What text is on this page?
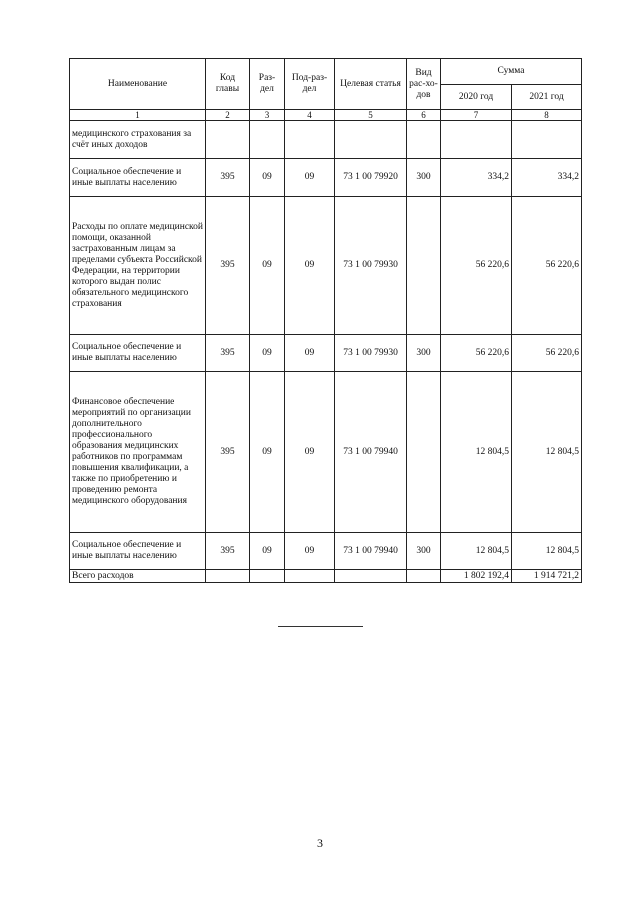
Наименование	Код главы	Раз-дел	Под-раз-дел	Целевая статья	Вид рас-хо-дов	Сумма	
						2020 год	2021 год
1	2	3	4	5	6	7	8
медицинского страхования за счёт иных доходов							
Социальное обеспечение и иные выплаты населению	395	09	09	73 1 00 79920	300	334,2	334,2
Расходы по оплате медицинской помощи, оказанной застрахованным лицам за пределами субъекта Российской Федерации, на территории которого выдан полис обязательного медицинского страхования	395	09	09	73 1 00 79930		56 220,6	56 220,6
Социальное обеспечение и иные выплаты населению	395	09	09	73 1 00 79930	300	56 220,6	56 220,6
Финансовое обеспечение мероприятий по организации дополнительного профессионального образования медицинских работников по программам повышения квалификации, а также по приобретению и проведению ремонта медицинского оборудования	395	09	09	73 1 00 79940		12 804,5	12 804,5
Социальное обеспечение и иные выплаты населению	395	09	09	73 1 00 79940	300	12 804,5	12 804,5
Всего расходов						1 802 192,4	1 914 721,2
3
